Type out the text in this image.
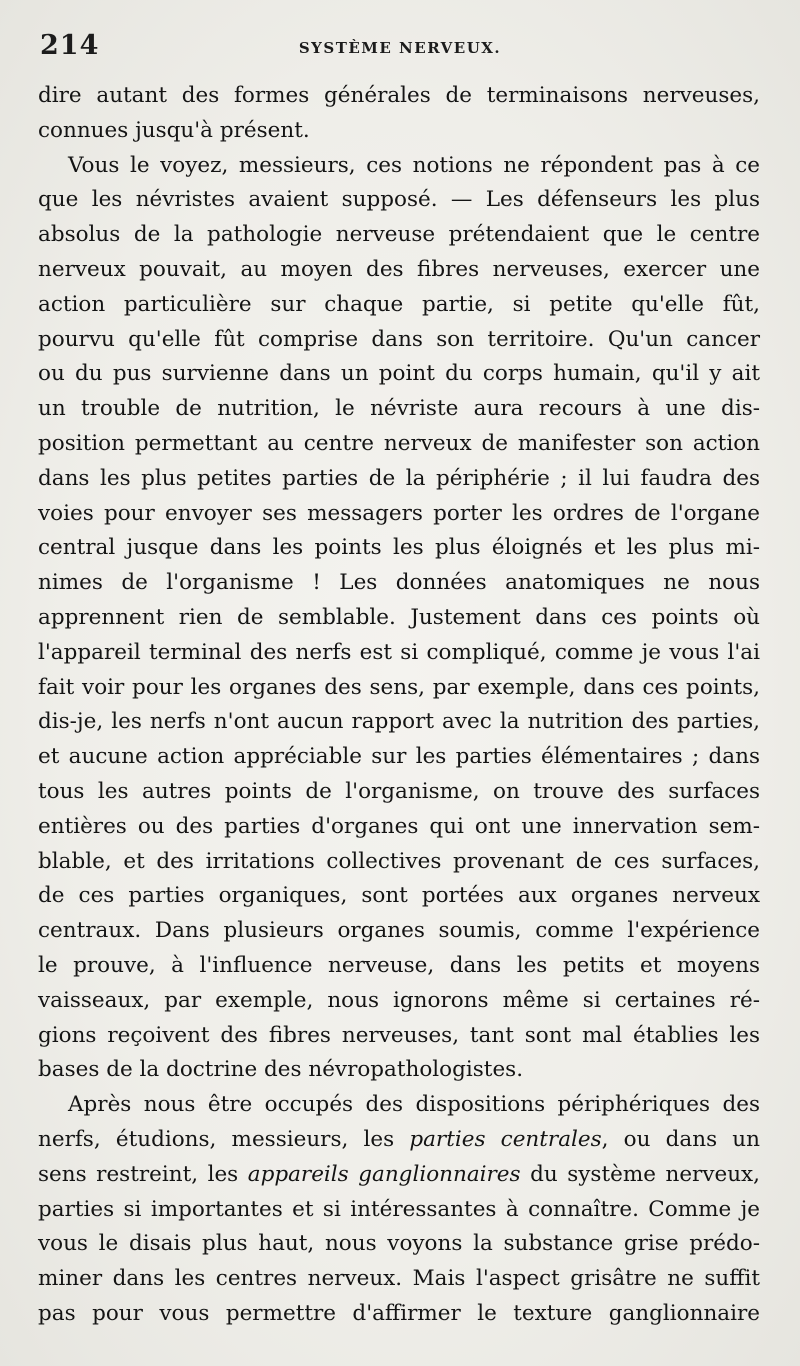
214	SYSTÈME NERVEUX.
dire autant des formes générales de terminaisons nerveuses,
connues jusqu'à présent.
Vous le voyez, messieurs, ces notions ne répondent pas à ce
que les névristes avaient supposé. — Les défenseurs les plus
absolus de la pathologie nerveuse prétendaient que le centre
nerveux pouvait, au moyen des fibres nerveuses, exercer une
action particulière sur chaque partie, si petite qu'elle fût,
pourvu qu'elle fût comprise dans son territoire. Qu'un cancer
ou du pus survienne dans un point du corps humain, qu'il y ait
un trouble de nutrition, le névriste aura recours à une dis-
position permettant au centre nerveux de manifester son action
dans les plus petites parties de la périphérie ; il lui faudra des
voies pour envoyer ses messagers porter les ordres de l'organe
central jusque dans les points les plus éloignés et les plus mi-
nimes de l'organisme ! Les données anatomiques ne nous
apprennent rien de semblable. Justement dans ces points où
l'appareil terminal des nerfs est si compliqué, comme je vous l'ai
fait voir pour les organes des sens, par exemple, dans ces points,
dis-je, les nerfs n'ont aucun rapport avec la nutrition des parties,
et aucune action appréciable sur les parties élémentaires ; dans
tous les autres points de l'organisme, on trouve des surfaces
entières ou des parties d'organes qui ont une innervation sem-
blable, et des irritations collectives provenant de ces surfaces,
de ces parties organiques, sont portées aux organes nerveux
centraux. Dans plusieurs organes soumis, comme l'expérience
le prouve, à l'influence nerveuse, dans les petits et moyens
vaisseaux, par exemple, nous ignorons même si certaines ré-
gions reçoivent des fibres nerveuses, tant sont mal établies les
bases de la doctrine des névropathologistes.
Après nous être occupés des dispositions périphériques des
nerfs, étudions, messieurs, les parties centrales, ou dans un
sens restreint, les appareils ganglionnaires du système nerveux,
parties si importantes et si intéressantes à connaître. Comme je
vous le disais plus haut, nous voyons la substance grise prédo-
miner dans les centres nerveux. Mais l'aspect grisâtre ne suffit
pas pour vous permettre d'affirmer le texture ganglionnaire
